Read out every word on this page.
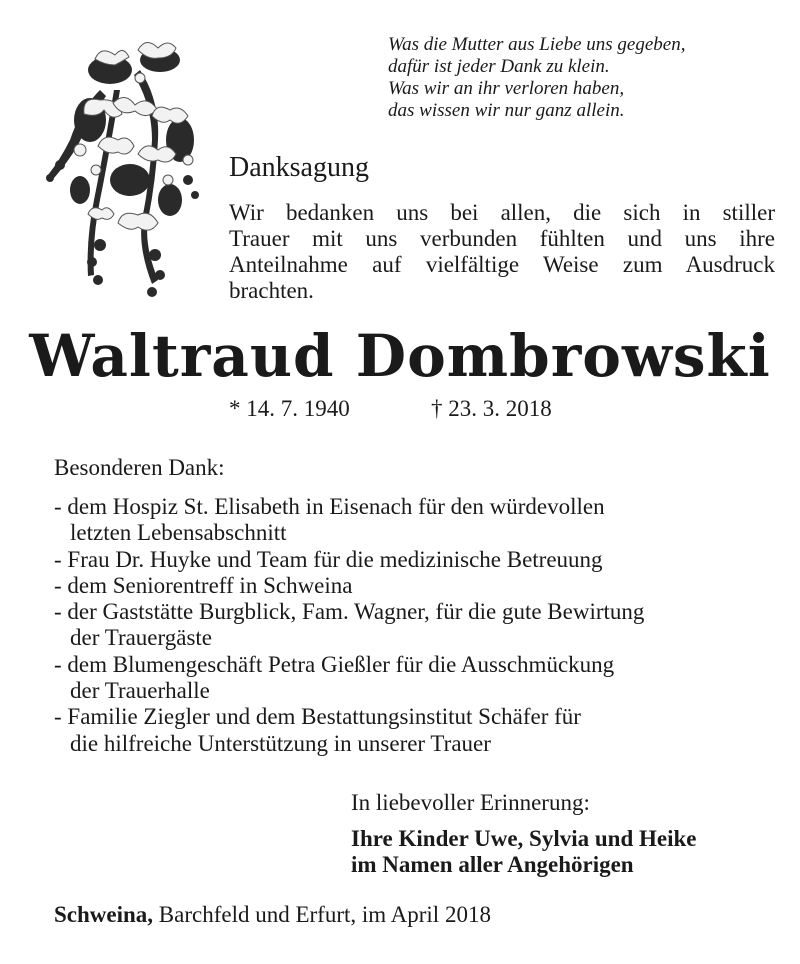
Was die Mutter aus Liebe uns gegeben,
dafür ist jeder Dank zu klein.
Was wir an ihr verloren haben,
das wissen wir nur ganz allein.
Danksagung
Wir bedanken uns bei allen, die sich in stiller
Trauer mit uns verbunden fühlten und uns ihre
Anteilnahme auf vielfältige Weise zum Ausdruck
brachten.
Waltraud Dombrowski
* 14. 7. 1940	† 23. 3. 2018
Besonderen Dank:
- dem Hospiz St. Elisabeth in Eisenach für den würdevollen
letzten Lebensabschnitt
- Frau Dr. Huyke und Team für die medizinische Betreuung
- dem Seniorentreff in Schweina
- der Gaststätte Burgblick, Fam. Wagner, für die gute Bewirtung
der Trauergäste
- dem Blumengeschäft Petra Gießler für die Ausschmückung
der Trauerhalle
- Familie Ziegler und dem Bestattungsinstitut Schäfer für
die hilfreiche Unterstützung in unserer Trauer
In liebevoller Erinnerung:
Ihre Kinder Uwe, Sylvia und Heike
im Namen aller Angehörigen
Schweina, Barchfeld und Erfurt, im April 2018
